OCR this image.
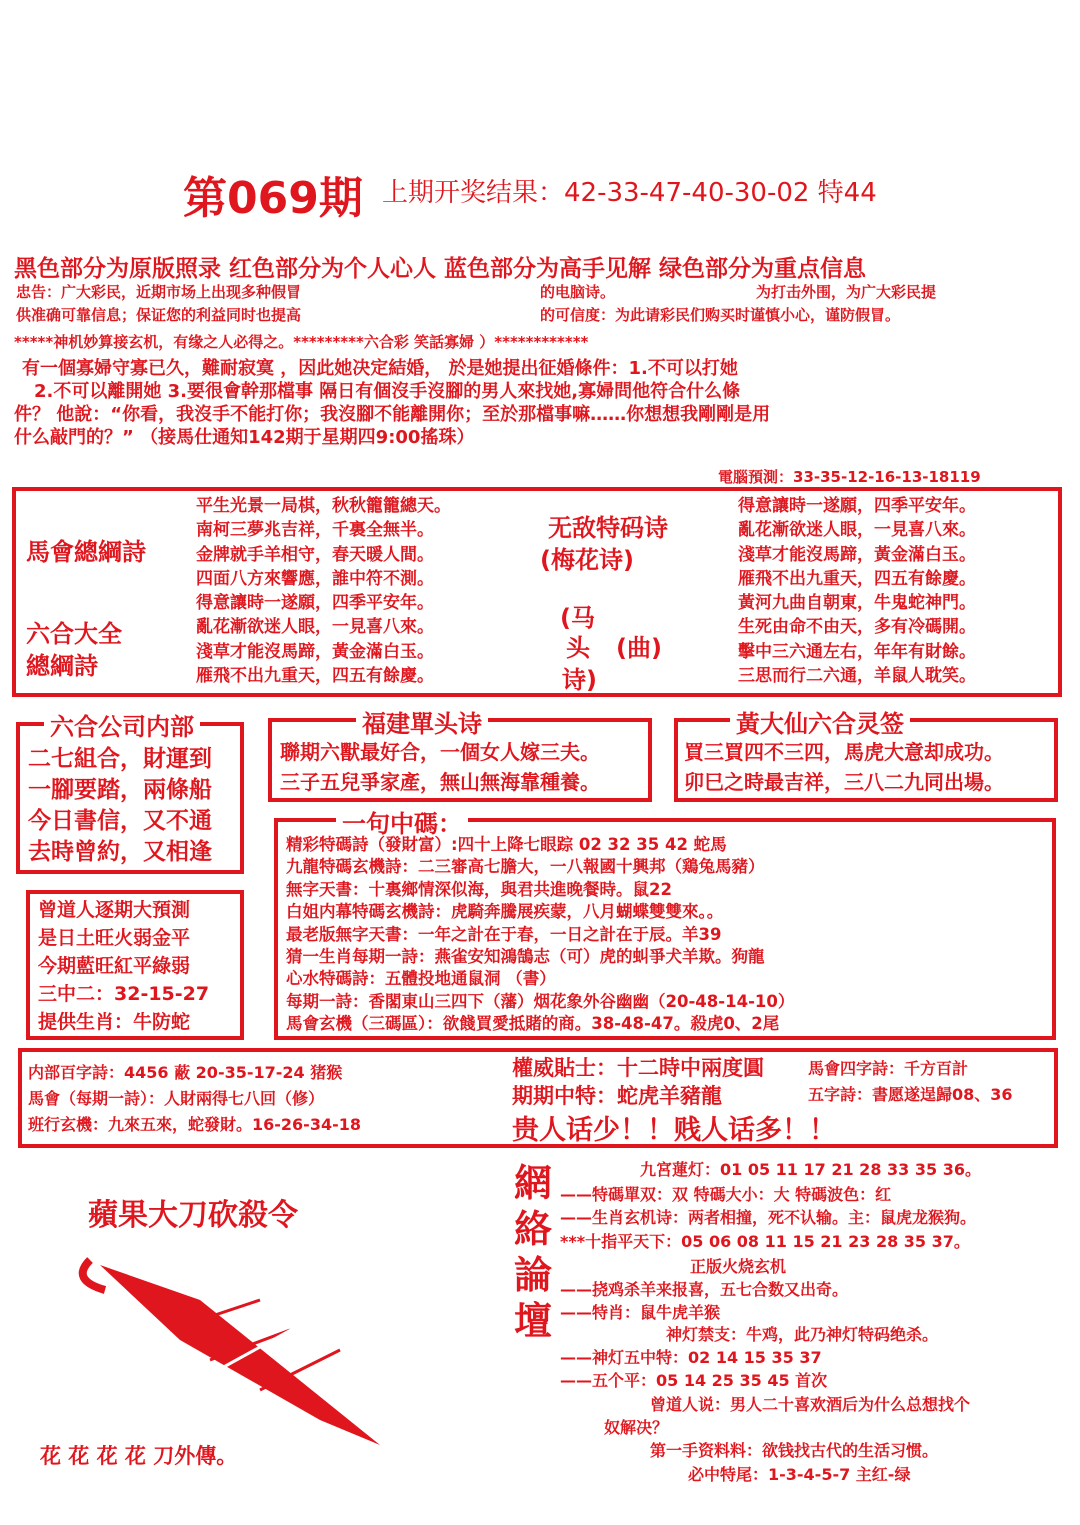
第069期 上期开奖结果：42-33-47-40-30-02 特44
黑色部分为原版照录 红色部分为个人心人 蓝色部分为高手见解 绿色部分为重点信息
忠告：广大彩民，近期市场上出现多种假冒	的电脑诗。	为打击外围，为广大彩民提
供准确可靠信息；保证您的利益同时也提高	的可信度：为此请彩民们购买时谨慎小心，谨防假冒。
*****神机妙算接玄机，有缘之人必得之。*********六合彩 笑話寡婦 ）************
有一個寡婦守寡已久，難耐寂寞 ，因此她决定結婚， 於是她提出征婚條件：1.不可以打她
2.不可以離開她 3.要很會幹那檔事 隔日有個沒手沒腳的男人來找她,寡婦問他符合什么條
件？ 他說：“你看，我沒手不能打你；我沒腳不能離開你；至於那檔事嘛……你想想我剛剛是用
什么敲門的？” （接馬仕通知142期于星期四9:00搖珠）
電腦預測：33-35-12-16-13-18119
馬會總綱詩
六合大全
總綱詩
平生光景一局棋，秋秋籠籠總天。
南柯三夢兆吉祥，千裏全無半。
金牌就手羊相守，春天暖人間。
四面八方來響應，誰中符不測。
得意讓時一遂願，四季平安年。
亂花漸欲迷人眼，一見喜八來。
淺草才能沒馬蹄，黃金滿白玉。
雁飛不出九重天，四五有餘慶。
无敌特码诗
(梅花诗)
(马
头 (曲)
诗)
得意讓時一遂願，四季平安年。
亂花漸欲迷人眼，一見喜八來。
淺草才能沒馬蹄，黃金滿白玉。
雁飛不出九重天，四五有餘慶。
黃河九曲自朝東，牛鬼蛇神門。
生死由命不由天，多有冷碼開。
擊中三六通左右，年年有財餘。
三思而行二六通，羊鼠人耽笑。
六合公司内部
二七組合，財運到
一腳要踏，兩條船
今日書信，又不通
去時曾約，又相逢
福建單头诗
聯期六獸最好合，一個女人嫁三夫。
三子五兒爭家產，無山無海靠種養。
黃大仙六合灵签
買三買四不三四，馬虎大意却成功。
卯巳之時最吉祥，三八二九同出場。
曾道人逐期大預測
是日土旺火弱金平
今期藍旺紅平綠弱
三中二：32-15-27
提供生肖：牛防蛇
一句中碼：
精彩特碼詩（發財富）:四十上降七眼踪 02 32 35 42 蛇馬
九龍特碼玄機詩：二三審高七膽大，一八報國十興邦（鶏兔馬豬）
無字天書：十裏鄉情深似海，與君共進晚餐時。鼠22
白姐内幕特碼玄機詩：虎騎奔騰展疾蒙，八月蝴蝶雙雙來。。
最老版無字天書：一年之計在于春，一日之計在于辰。羊39
猜一生肖每期一詩：燕雀安知鴻鵠志（可）虎的虯爭犬羊欺。狗龍
心水特碼詩：五體投地通鼠洞 （書）
每期一詩：香閣東山三四下（藩）烟花象外谷幽幽（20-48-14-10）
馬會玄機（三碼區）：欲餞買愛抵賭的商。38-48-47。殺虎0、2尾
内部百字詩：4456 蔽 20-35-17-24 猪猴
馬會（每期一詩）：人財兩得七八回（修）
班行玄機：九來五來，蛇發財。16-26-34-18
權威貼士：十二時中兩度圓	馬會四字詩：千方百計
期期中特：蛇虎羊豬龍	五字詩：書愿遂逞歸08、36
贵人话少！！贱人话多！！
蘋果大刀砍殺令
花 花 花 花 刀外傳。
網
絡
論
壇
九宮蓮灯：01 05 11 17 21 28 33 35 36。
——特碼單双：双 特碼大小：大 特碼波色：红
——生肖玄机诗：两者相撞，死不认输。主：鼠虎龙猴狗。
***十指平天下：05 06 08 11 15 21 23 28 35 37。
正版火烧玄机
——挠鸡杀羊来报喜，五七合数又出奇。
——特肖：鼠牛虎羊猴
神灯禁支：牛鸡，此乃神灯特码绝杀。
——神灯五中特：02 14 15 35 37
——五个平：05 14 25 35 45 首次
曾道人说：男人二十喜欢酒后为什么总想找个
奴解决？
第一手资料料：欲钱找古代的生活习惯。
必中特尾：1-3-4-5-7 主红-绿
